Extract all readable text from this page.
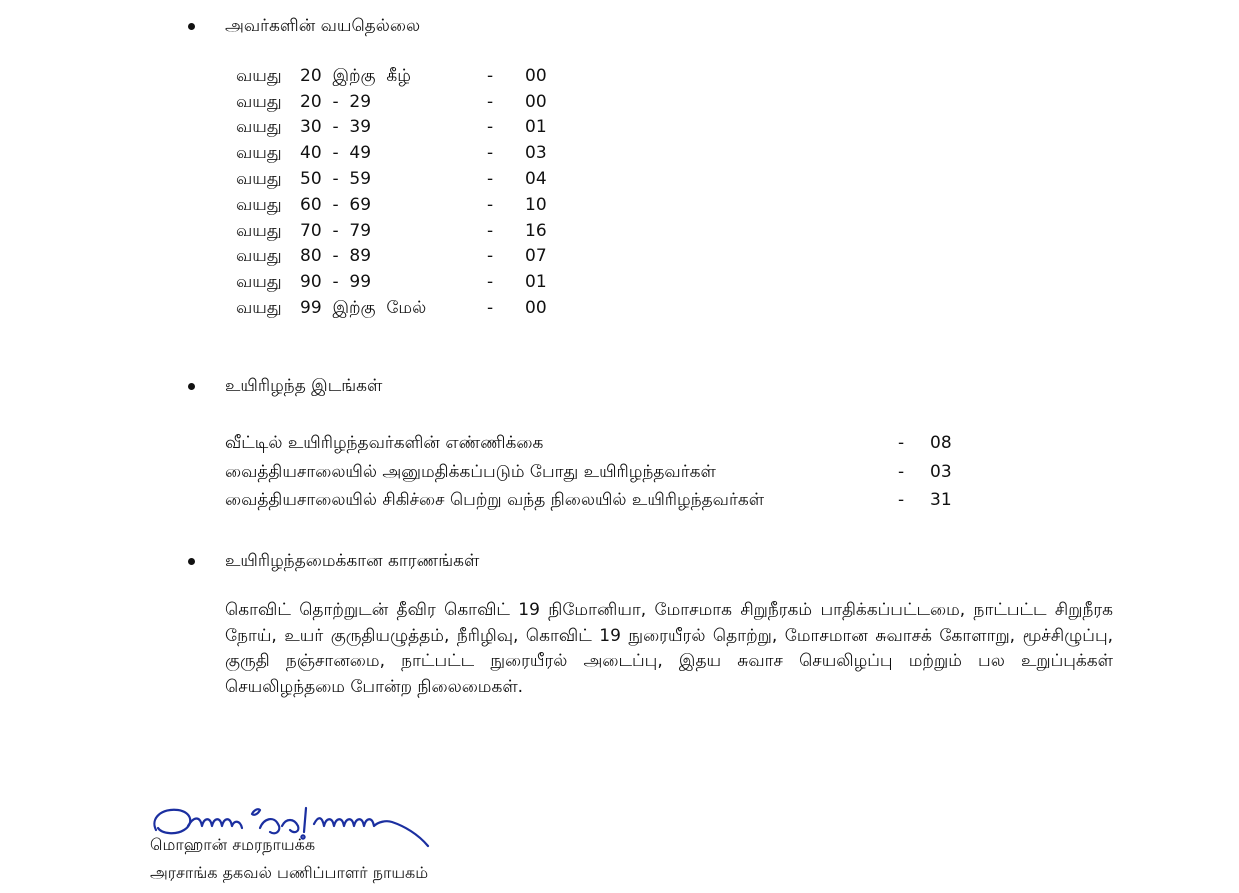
அவர்களின் வயதெல்லை
வயது 20  இற்கு  கீழ்	- 00
வயது 20  -  29	- 00
வயது 30  -  39	- 01
வயது 40  -  49	- 03
வயது 50  -  59	- 04
வயது 60  -  69	- 10
வயது 70  -  79	- 16
வயது 80  -  89	- 07
வயது 90  -  99	- 01
வயது 99  இற்கு  மேல்	- 00
உயிரிழந்த இடங்கள்
வீட்டில் உயிரிழந்தவர்களின் எண்ணிக்கை	- 08
வைத்தியசாலையில் அனுமதிக்கப்படும் போது உயிரிழந்தவர்கள்	- 03
வைத்தியசாலையில் சிகிச்சை பெற்று வந்த நிலையில் உயிரிழந்தவர்கள்	- 31
உயிரிழந்தமைக்கான காரணங்கள்
கொவிட் தொற்றுடன் தீவிர கொவிட் 19 நிமோனியா, மோசமாக சிறுநீரகம் பாதிக்கப்பட்டமை, நாட்பட்ட சிறுநீரக நோய், உயர் குருதியழுத்தம், நீரிழிவு, கொவிட் 19 நுரையீரல் தொற்று, மோசமான சுவாசக் கோளாறு, மூச்சிழுப்பு, குருதி நஞ்சானமை, நாட்பட்ட நுரையீரல் அடைப்பு, இதய சுவாச செயலிழப்பு மற்றும் பல உறுப்புக்கள் செயலிழந்தமை போன்ற நிலைமைகள்.
மொஹான் சமரநாயக்க
அரசாங்க தகவல் பணிப்பாளர் நாயகம்
